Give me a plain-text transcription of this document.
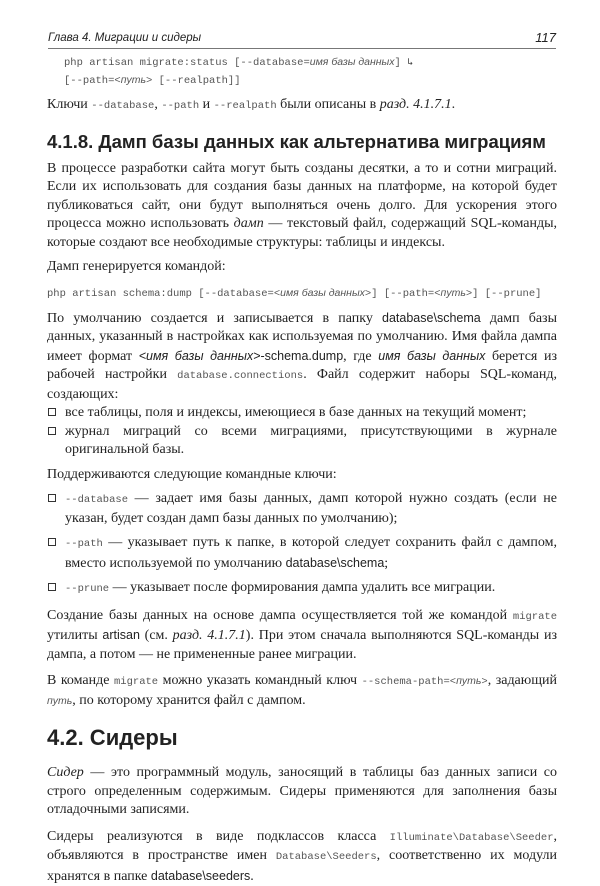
Глава 4. Миграции и сидеры	117
php artisan migrate:status [--database=имя базы данных] ↳
[--path=<путь> [--realpath]]

Ключи --database, --path и --realpath были описаны в разд. 4.1.7.1.

4.1.8. Дамп базы данных как альтернатива миграциям

В процессе разработки сайта могут быть созданы десятки, а то и сотни миграций. Если их использовать для создания базы данных на платформе, на которой будет публиковаться сайт, они будут выполняться очень долго. Для ускорения этого процесса можно использовать дамп — текстовый файл, содержащий SQL-команды, которые создают все необходимые структуры: таблицы и индексы.

Дамп генерируется командой:

php artisan schema:dump [--database=<имя базы данных>] [--path=<путь>] [--prune]

По умолчанию создается и записывается в папку database\schema дамп базы данных, указанный в настройках как используемая по умолчанию. Имя файла дампа имеет формат <имя базы данных>-schema.dump, где имя базы данных берется из рабочей настройки database.connections. Файл содержит наборы SQL-команд, создающих:

все таблицы, поля и индексы, имеющиеся в базе данных на текущий момент;
журнал миграций со всеми миграциями, присутствующими в журнале оригинальной базы.

Поддерживаются следующие командные ключи:

--database — задает имя базы данных, дамп которой нужно создать (если не указан, будет создан дамп базы данных по умолчанию);
--path — указывает путь к папке, в которой следует сохранить файл с дампом, вместо используемой по умолчанию database\schema;
--prune — указывает после формирования дампа удалить все миграции.

Создание базы данных на основе дампа осуществляется той же командой migrate утилиты artisan (см. разд. 4.1.7.1). При этом сначала выполняются SQL-команды из дампа, а потом — не примененные ранее миграции.

В команде migrate можно указать командный ключ --schema-path=<путь>, задающий путь, по которому хранится файл с дампом.

4.2. Сидеры

Сидер — это программный модуль, заносящий в таблицы баз данных записи со строго определенным содержимым. Сидеры применяются для заполнения базы отладочными записями.

Сидеры реализуются в виде подклассов класса Illuminate\Database\Seeder, объявляются в пространстве имен Database\Seeders, соответственно их модули хранятся в папке database\seeders.
